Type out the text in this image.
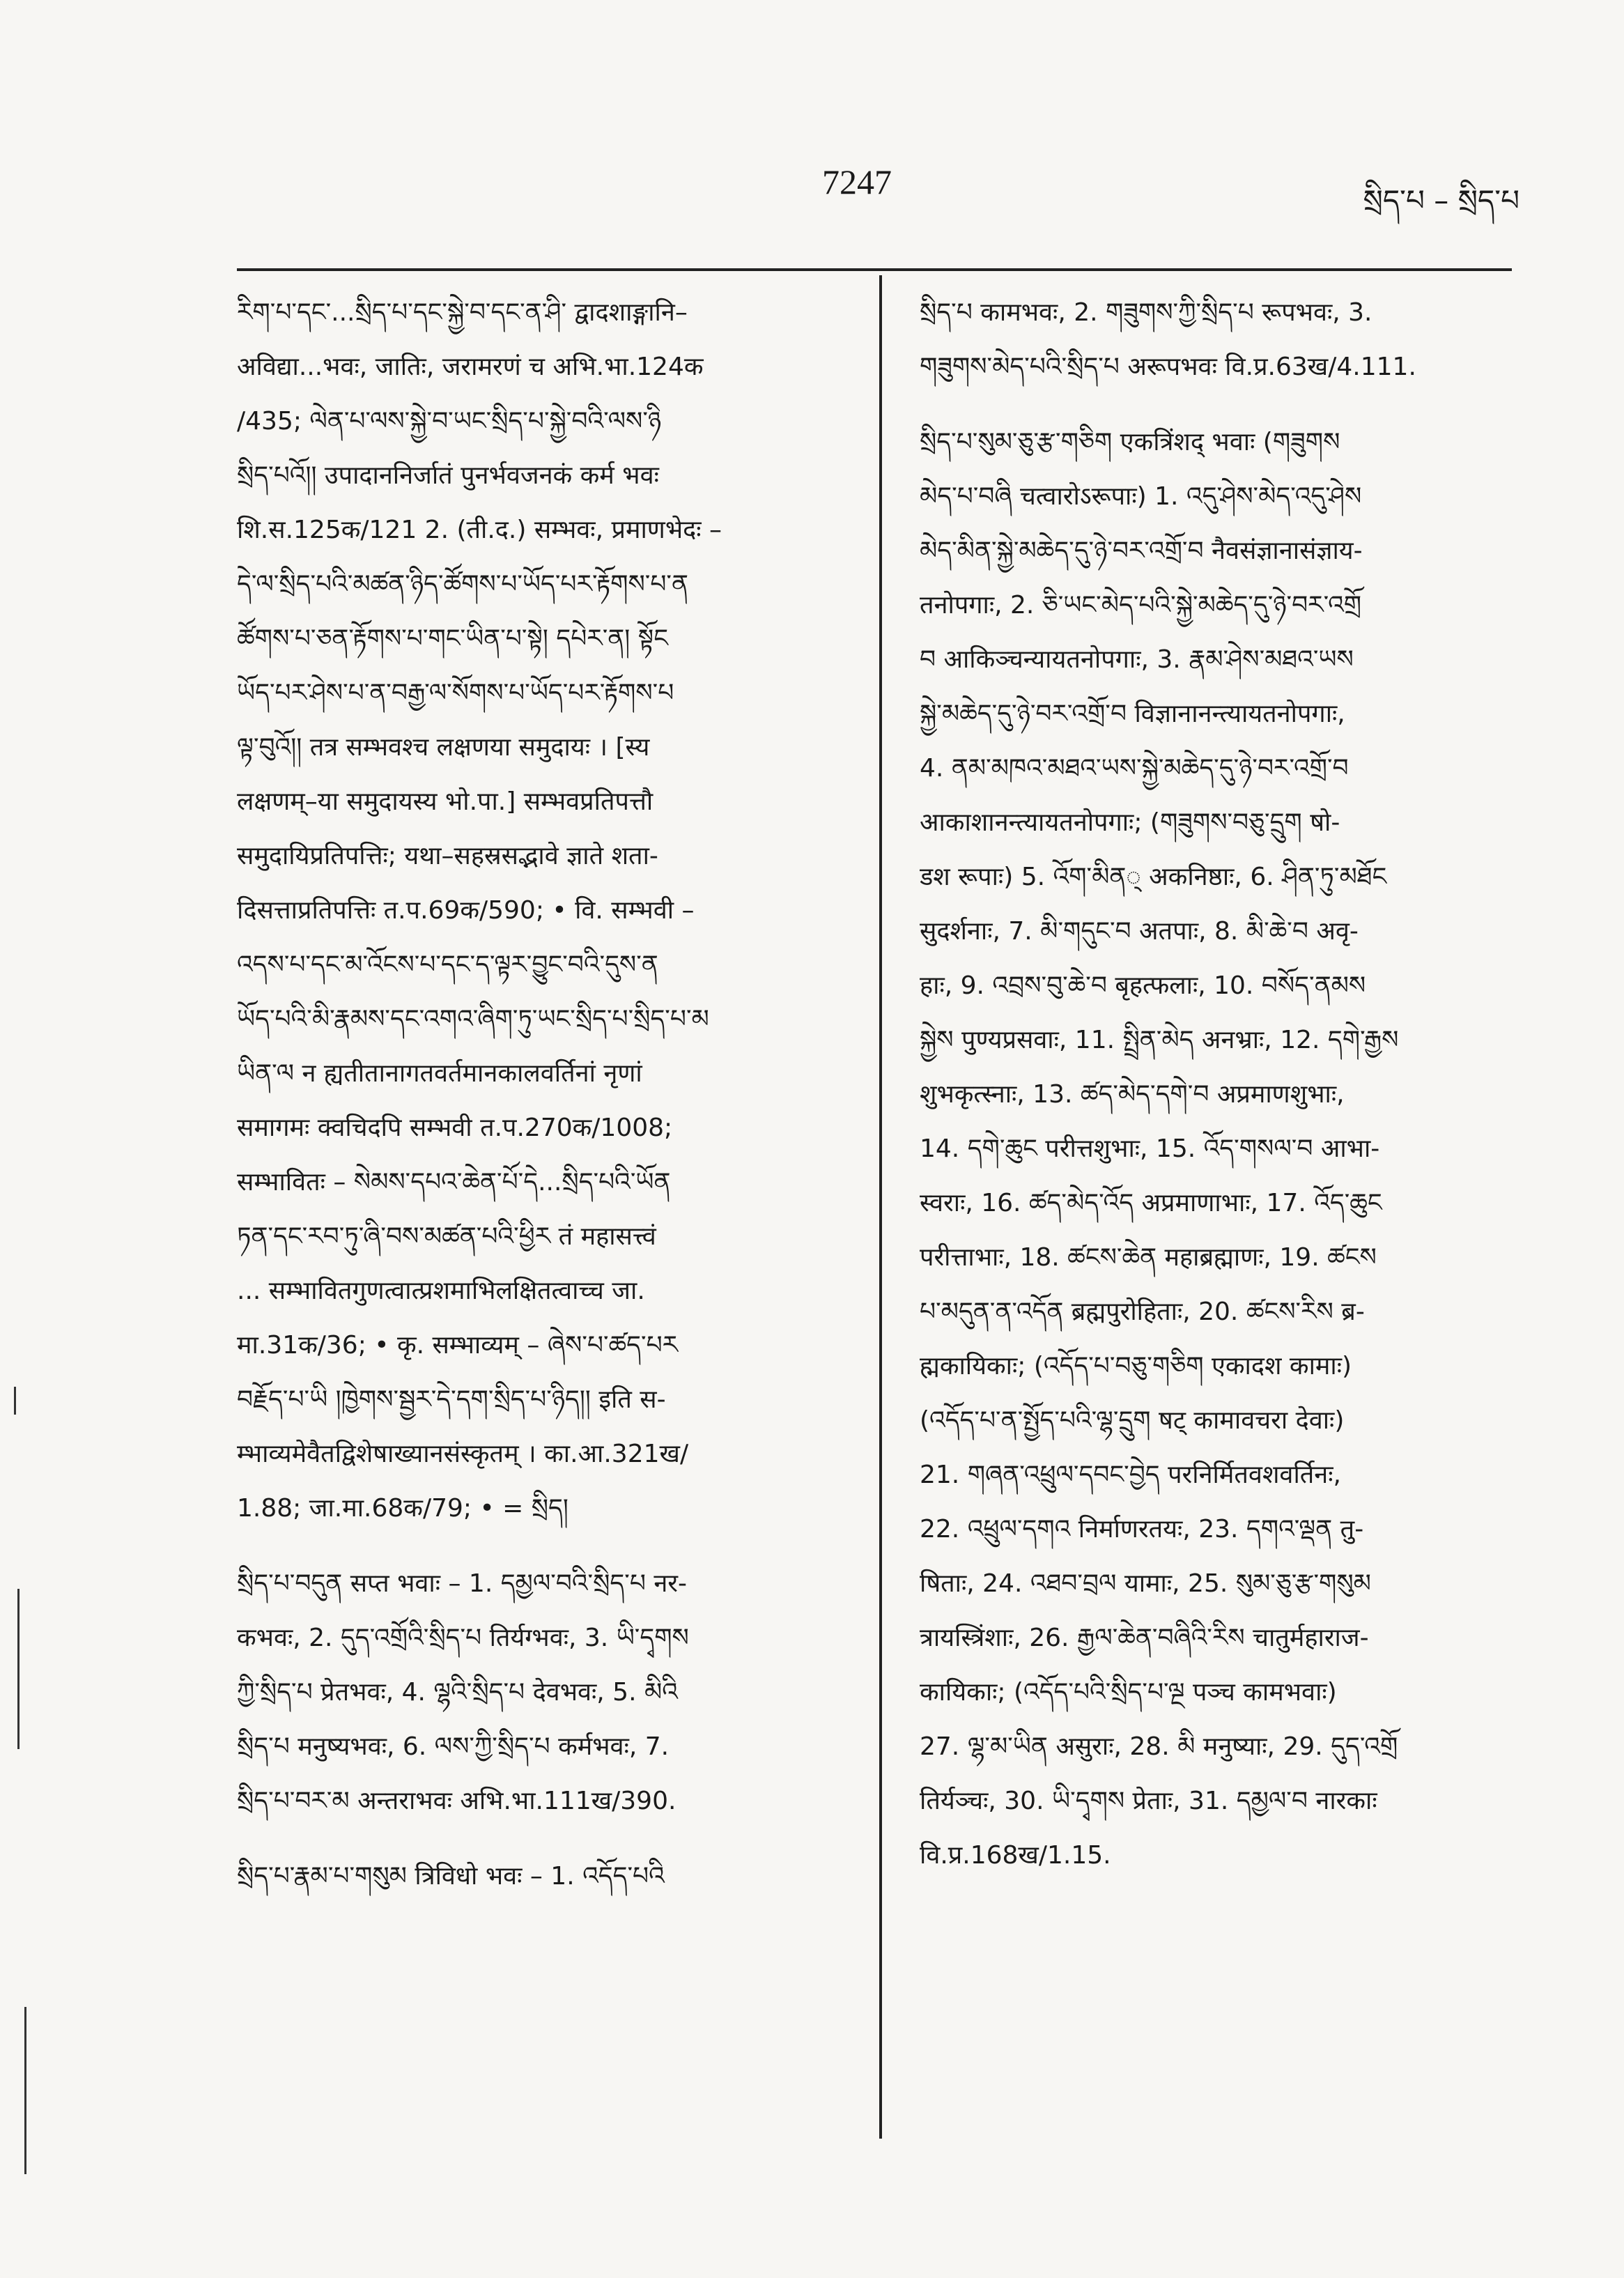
7247	སྲིད་པ – སྲིད་པ
རིག་པ་དང་...སྲིད་པ་དང་སྐྱེ་བ་དང་ན་ཤི་ द्वादशाङ्गानि–
अविद्या...भवः, जातिः, जरामरणं च अभि.भा.124क
/435; ལེན་པ་ལས་སྐྱེ་བ་ཡང་སྲིད་པ་སྐྱེ་བའི་ལས་ཉི
སྲིད་པའོ།། उपादाननिर्जातं पुनर्भवजनकं कर्म भवः
शि.स.125क/121 2. (ती.द.) सम्भवः, प्रमाणभेदः –
དེ་ལ་སྲིད་པའི་མཚན་ཉིད་ཚོགས་པ་ཡོད་པར་རྟོགས་པ་ན
ཚོགས་པ་ཅན་རྟོགས་པ་གང་ཡིན་པ་སྟེ། དཔེར་ན། སྟོང
ཡོད་པར་ཤེས་པ་ན་བརྒྱ་ལ་སོགས་པ་ཡོད་པར་རྟོགས་པ
ལྟ་བུའོ།། तत्र सम्भवश्च लक्षणया समुदायः । [स्य
लक्षणम्–या समुदायस्य भो.पा.] सम्भवप्रतिपत्तौ
समुदायिप्रतिपत्तिः; यथा–सहस्रसद्भावे ज्ञाते शता-
दिसत्ताप्रतिपत्तिः त.प.69क/590; • वि. सम्भवी –
འདས་པ་དང་མ་འོངས་པ་དང་ད་ལྟར་བྱུང་བའི་དུས་ན
ཡོད་པའི་མི་རྣམས་དང་འགའ་ཞིག་ཏུ་ཡང་སྲིད་པ་སྲིད་པ་མ
ཡིན་ལ न ह्यतीतानागतवर्तमानकालवर्तिनां नृणां
समागमः क्वचिदपि सम्भवी त.प.270क/1008;
सम्भावितः – སེམས་དཔའ་ཆེན་པོ་དེ...སྲིད་པའི་ཡོན
ཏན་དང་རབ་ཏུ་ཞི་བས་མཚན་པའི་ཕྱིར तं महासत्त्वं
... सम्भावितगुणत्वात्प्रशमाभिलक्षितत्वाच्च जा.
मा.31क/36; • कृ. सम्भाव्यम् – ཞེས་པ་ཚད་པར
བརྗོད་པ་ཡི །ཁྱེགས་སྦྱར་དེ་དག་སྲིད་པ་ཉིད།། इति स-
म्भाव्यमेवैतद्विशेषाख्यानसंस्कृतम् । का.आ.321ख/
1.88; जा.मा.68क/79; • = སྲིད།
སྲིད་པ་བདུན सप्त भवाः – 1. དམྱལ་བའི་སྲིད་པ नर-
कभवः, 2. དུད་འགྲོའི་སྲིད་པ तिर्यग्भवः, 3. ཡི་དྭགས
ཀྱི་སྲིད་པ प्रेतभवः, 4. ལྷའི་སྲིད་པ देवभवः, 5. མིའི
སྲིད་པ मनुष्यभवः, 6. ལས་ཀྱི་སྲིད་པ कर्मभवः, 7.
སྲིད་པ་བར་མ अन्तराभवः अभि.भा.111ख/390.
སྲིད་པ་རྣམ་པ་གསུམ त्रिविधो भवः – 1. འདོད་པའི
སྲིད་པ कामभवः, 2. གཟུགས་ཀྱི་སྲིད་པ रूपभवः, 3.
གཟུགས་མེད་པའི་སྲིད་པ अरूपभवः वि.प्र.63ख/4.111.
སྲིད་པ་སུམ་ཅུ་རྩ་གཅིག एकत्रिंशद् भवाः (གཟུགས
མེད་པ་བཞི चत्वारोऽरूपाः) 1. འདུ་ཤེས་མེད་འདུ་ཤེས
མེད་མིན་སྐྱེ་མཆེད་དུ་ཉེ་བར་འགྲོ་བ नैवसंज्ञानासंज्ञाय-
तनोपगाः, 2. ཅི་ཡང་མེད་པའི་སྐྱེ་མཆེད་དུ་ཉེ་བར་འགྲོ
བ आकिञ्चन्यायतनोपगाः, 3. རྣམ་ཤེས་མཐའ་ཡས
སྐྱེ་མཆེད་དུ་ཉེ་བར་འགྲོ་བ विज्ञानानन्त्यायतनोपगाः,
4. ནམ་མཁའ་མཐའ་ཡས་སྐྱེ་མཆེད་དུ་ཉེ་བར་འགྲོ་བ
आकाशानन्त्यायतनोपगाः; (གཟུགས་བཅུ་དྲུག षो-
डश रूपाः) 5. འོག་མིན् अकनिष्ठाः, 6. ཤིན་ཏུ་མཐོང
सुदर्शनाः, 7. མི་གདུང་བ अतपाः, 8. མི་ཆེ་བ अवृ-
हाः, 9. འབྲས་བུ་ཆེ་བ बृहत्फलाः, 10. བསོད་ནམས
སྐྱེས पुण्यप्रसवाः, 11. སྤྲིན་མེད अनभ्राः, 12. དགེ་རྒྱས
शुभकृत्स्नाः, 13. ཚད་མེད་དགེ་བ अप्रमाणशुभाः,
14. དགེ་ཆུང परीत्तशुभाः, 15. འོད་གསལ་བ आभा-
स्वराः, 16. ཚད་མེད་འོད अप्रमाणाभाः, 17. འོད་ཆུང
परीत्ताभाः, 18. ཚངས་ཆེན महाब्रह्माणः, 19. ཚངས
པ་མདུན་ན་འདོན ब्रह्मपुरोहिताः, 20. ཚངས་རིས ब्र-
ह्मकायिकाः; (འདོད་པ་བཅུ་གཅིག एकादश कामाः)
(འདོད་པ་ན་སྤྱོད་པའི་ལྷ་དྲུག षट् कामावचरा देवाः)
21. གཞན་འཕྲུལ་དབང་བྱེད परनिर्मितवशवर्तिनः,
22. འཕྲུལ་དགའ निर्माणरतयः, 23. དགའ་ལྡན तु-
षिताः, 24. འཐབ་བྲལ यामाः, 25. སུམ་ཅུ་རྩ་གསུམ
त्रायस्त्रिंशाः, 26. རྒྱལ་ཆེན་བཞིའི་རིས चातुर्महाराज-
कायिकाः; (འདོད་པའི་སྲིད་པ་ལྔ पञ्च कामभवाः)
27. ལྷ་མ་ཡིན असुराः, 28. མི मनुष्याः, 29. དུད་འགྲོ
तिर्यञ्चः, 30. ཡི་དྭགས प्रेताः, 31. དམྱལ་བ नारकाः
वि.प्र.168ख/1.15.
